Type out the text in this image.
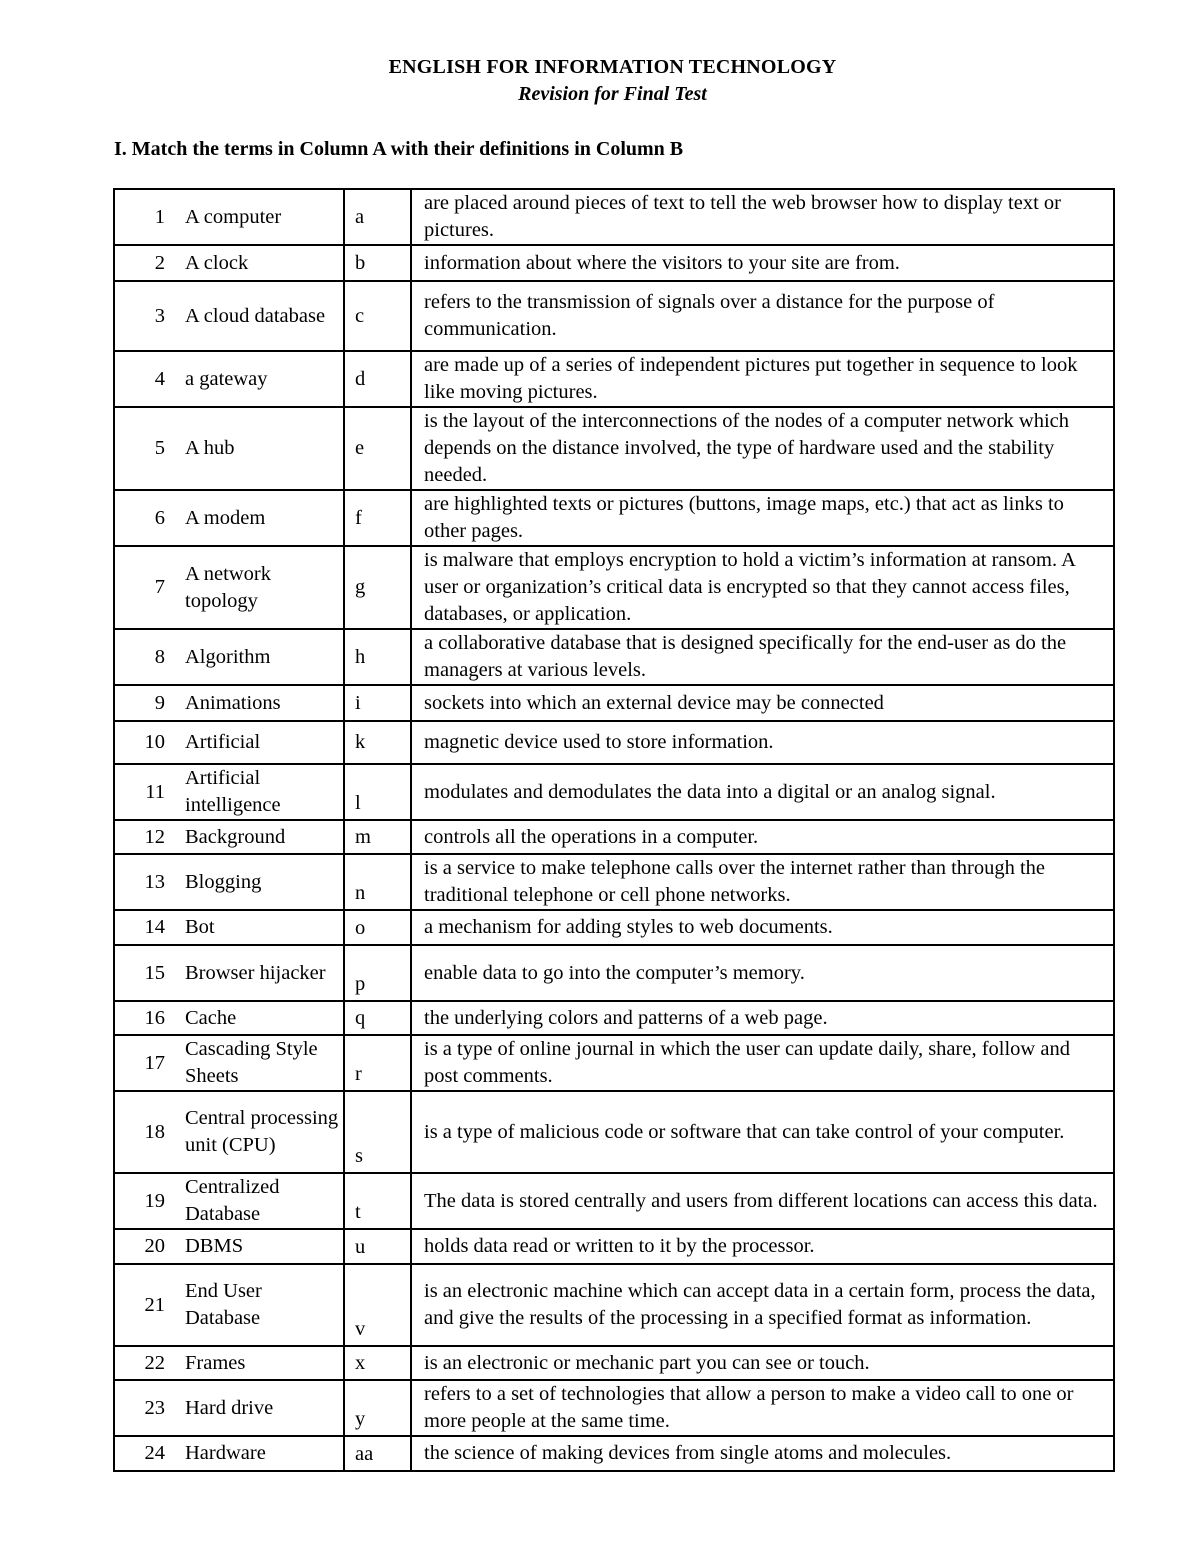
ENGLISH FOR INFORMATION TECHNOLOGY
Revision for Final Test
I. Match the terms in Column A with their definitions in Column B
1	A computer	a	are placed around pieces of text to tell the web browser how to display text or pictures.
2	A clock	b	information about where the visitors to your site are from.
3	A cloud database	c	refers to the transmission of signals over a distance for the purpose of communication.
4	a gateway	d	are made up of a series of independent pictures put together in sequence to look like moving pictures.
5	A hub	e	is the layout of the interconnections of the nodes of a computer network which depends on the distance involved, the type of hardware used and the stability needed.
6	A modem	f	are highlighted texts or pictures (buttons, image maps, etc.) that act as links to other pages.
7	A network topology	g	is malware that employs encryption to hold a victim’s information at ransom. A user or organization’s critical data is encrypted so that they cannot access files, databases, or application.
8	Algorithm	h	a collaborative database that is designed specifically for the end-user as do the managers at various levels.
9	Animations	i	sockets into which an external device may be connected
10	Artificial	k	magnetic device used to store information.
11	Artificial intelligence	l	modulates and demodulates the data into a digital or an analog signal.
12	Background	m	controls all the operations in a computer.
13	Blogging	n	is a service to make telephone calls over the internet rather than through the traditional telephone or cell phone networks.
14	Bot	o	a mechanism for adding styles to web documents.
15	Browser hijacker	p	enable data to go into the computer’s memory.
16	Cache	q	the underlying colors and patterns of a web page.
17	Cascading Style Sheets	r	is a type of online journal in which the user can update daily, share, follow and post comments.
18	Central processing unit (CPU)	s	is a type of malicious code or software that can take control of your computer.
19	Centralized Database	t	The data is stored centrally and users from different locations can access this data.
20	DBMS	u	holds data read or written to it by the processor.
21	End User Database	v	is an electronic machine which can accept data in a certain form, process the data, and give the results of the processing in a specified format as information.
22	Frames	x	is an electronic or mechanic part you can see or touch.
23	Hard drive	y	refers to a set of technologies that allow a person to make a video call to one or more people at the same time.
24	Hardware	aa	the science of making devices from single atoms and molecules.
